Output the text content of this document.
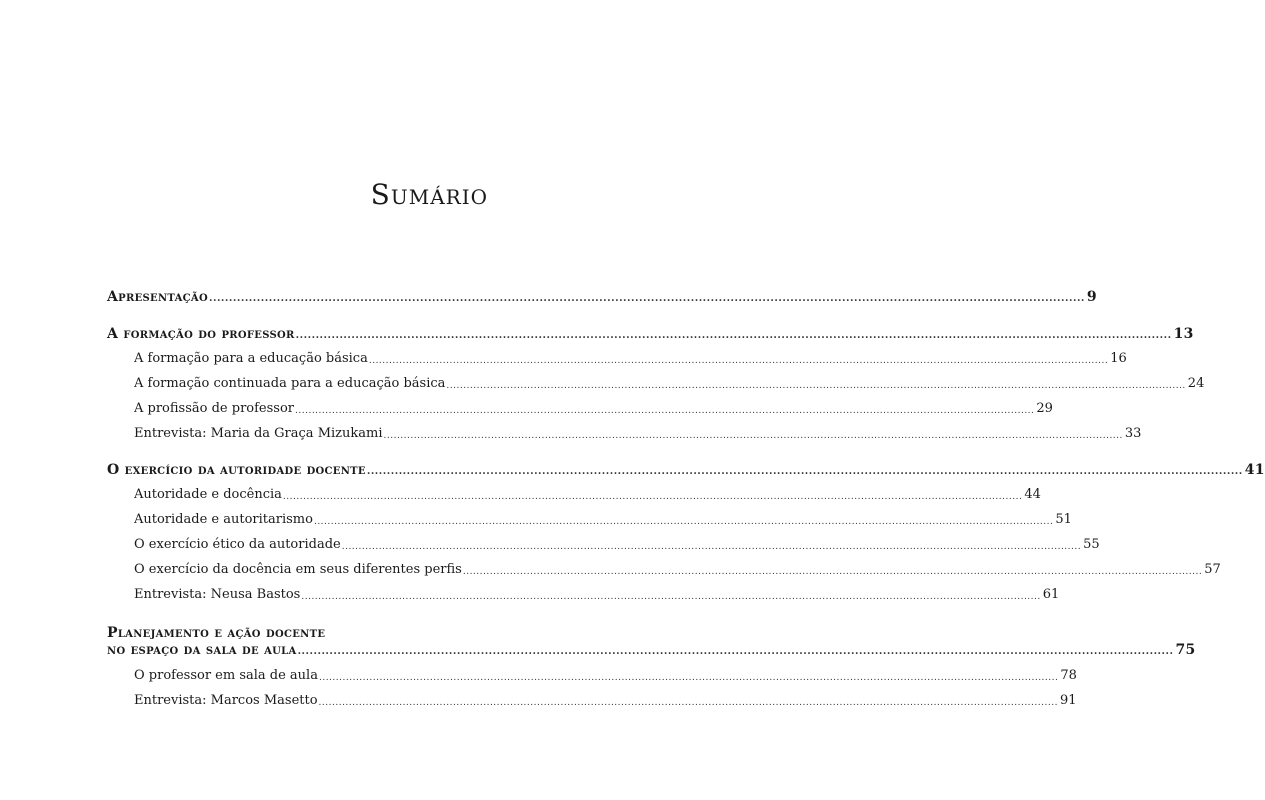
Sumário
Apresentação ............................................................................................................................................................................................................................ 9
A formação do professor ............................................................................................................................................................................................................................ 13
A formação para a educação básica ............................................................................................................................................................................................................................ 16
A formação continuada para a educação básica ............................................................................................................................................................................................................................ 24
A profissão de professor ............................................................................................................................................................................................................................ 29
Entrevista: Maria da Graça Mizukami ............................................................................................................................................................................................................................ 33
O exercício da autoridade docente ............................................................................................................................................................................................................................ 41
Autoridade e docência ............................................................................................................................................................................................................................ 44
Autoridade e autoritarismo ............................................................................................................................................................................................................................ 51
O exercício ético da autoridade ............................................................................................................................................................................................................................ 55
O exercício da docência em seus diferentes perfis ............................................................................................................................................................................................................................ 57
Entrevista: Neusa Bastos ............................................................................................................................................................................................................................ 61
Planejamento e ação docente
no espaço da sala de aula ............................................................................................................................................................................................................................ 75
O professor em sala de aula ............................................................................................................................................................................................................................ 78
Entrevista: Marcos Masetto ............................................................................................................................................................................................................................ 91
